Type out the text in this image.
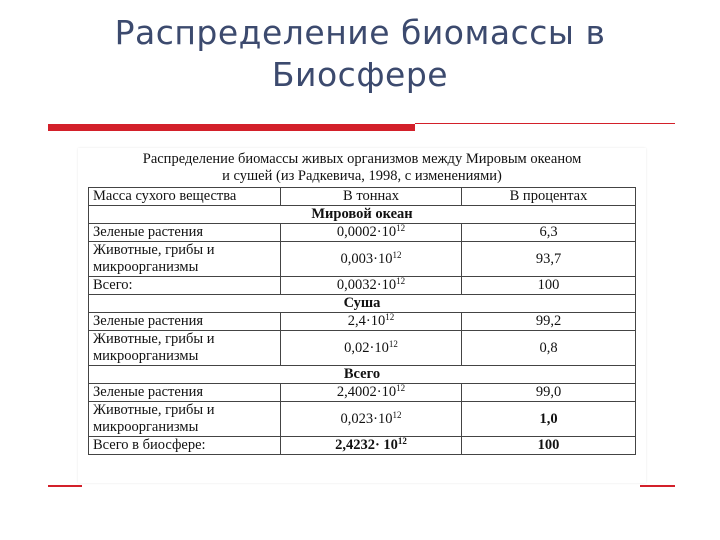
Распределение биомассы в
Биосфере
Распределение биомассы живых организмов между Мировым океаном
и сушей (из Радкевича, 1998, с изменениями)
Масса сухого вещества	В тоннах	В процентах
Мировой океан		
Зеленые растения	$0,0002\cdot 10^{12}$	6,3
Животные, грибы и микроорганизмы	$0,003\cdot 10^{12}$	93,7
Всего:	$0,0032\cdot 10^{12}$	100
Суша		
Зеленые растения	$2,4\cdot 10^{12}$	99,2
Животные, грибы и микроорганизмы	$0,02\cdot 10^{12}$	0,8
Всего		
Зеленые растения	$2,4002\cdot 10^{12}$	99,0
Животные, грибы и микроорганизмы	$0,023\cdot 10^{12}$	1,0
Всего в биосфере:	$2,4232\cdot 10^{12}$	100
